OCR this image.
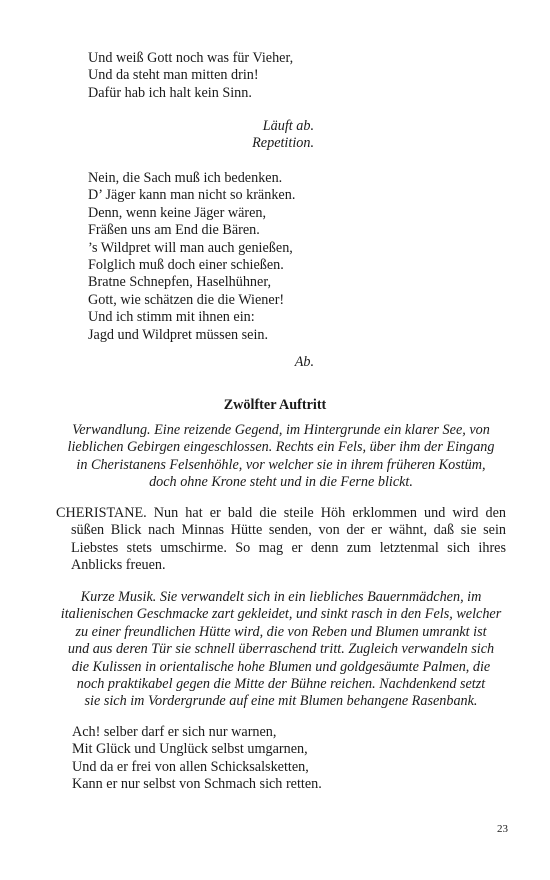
Und weiß Gott noch was für Vieher,
Und da steht man mitten drin!
Dafür hab ich halt kein Sinn.
Läuft ab.
Repetition.
Nein, die Sach muß ich bedenken.
D’ Jäger kann man nicht so kränken.
Denn, wenn keine Jäger wären,
Fräßen uns am End die Bären.
’s Wildpret will man auch genießen,
Folglich muß doch einer schießen.
Bratne Schnepfen, Haselhühner,
Gott, wie schätzen die die Wiener!
Und ich stimm mit ihnen ein:
Jagd und Wildpret müssen sein.
Ab.
Zwölfter Auftritt
Verwandlung. Eine reizende Gegend, im Hintergrunde ein klarer See, von
lieblichen Gebirgen eingeschlossen. Rechts ein Fels, über ihm der Eingang
in Cheristanens Felsenhöhle, vor welcher sie in ihrem früheren Kostüm,
doch ohne Krone steht und in die Ferne blickt.
CHERISTANE. Nun hat er bald die steile Höh erklommen und wird den
süßen Blick nach Minnas Hütte senden, von der er wähnt, daß sie sein
Liebstes stets umschirme. So mag er denn zum letztenmal sich ihres
Anblicks freuen.
Kurze Musik. Sie verwandelt sich in ein liebliches Bauernmädchen, im
italienischen Geschmacke zart gekleidet, und sinkt rasch in den Fels, welcher
zu einer freundlichen Hütte wird, die von Reben und Blumen umrankt ist
und aus deren Tür sie schnell überraschend tritt. Zugleich verwandeln sich
die Kulissen in orientalische hohe Blumen und goldgesäumte Palmen, die
noch praktikabel gegen die Mitte der Bühne reichen. Nachdenkend setzt
sie sich im Vordergrunde auf eine mit Blumen behangene Rasenbank.
Ach! selber darf er sich nur warnen,
Mit Glück und Unglück selbst umgarnen,
Und da er frei von allen Schicksalsketten,
Kann er nur selbst von Schmach sich retten.
23
